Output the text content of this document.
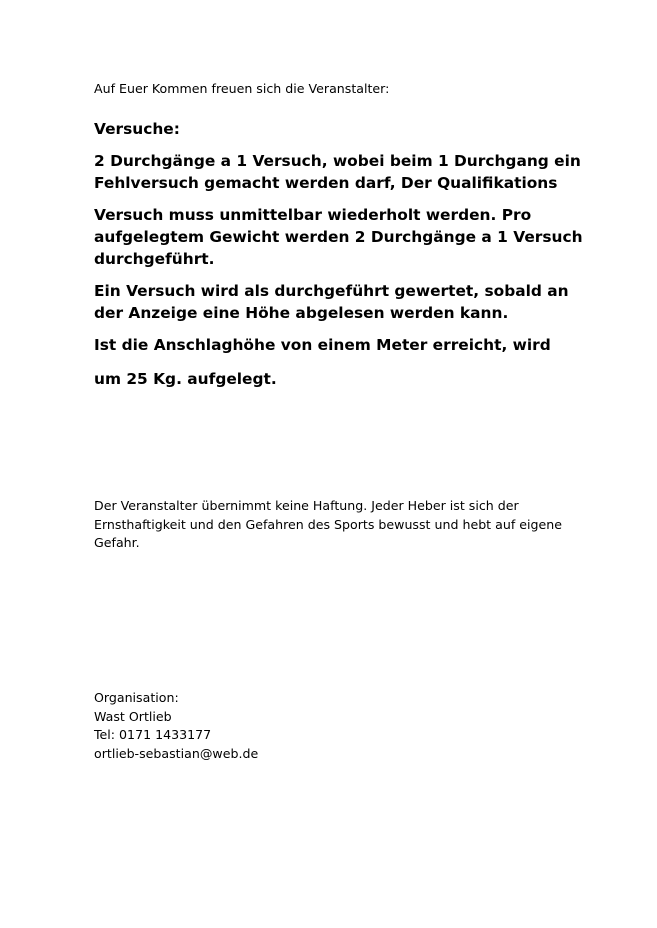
Auf Euer Kommen freuen sich die Veranstalter:
Versuche:
2 Durchgänge a 1 Versuch, wobei beim 1 Durchgang ein
Fehlversuch gemacht werden darf, Der Qualifikations
Versuch muss unmittelbar wiederholt werden. Pro
aufgelegtem Gewicht werden 2 Durchgänge a 1 Versuch
durchgeführt.
Ein Versuch wird als durchgeführt gewertet, sobald an
der Anzeige eine Höhe abgelesen werden kann.
Ist die Anschlaghöhe von einem Meter erreicht, wird
um 25 Kg. aufgelegt.
Der Veranstalter übernimmt keine Haftung. Jeder Heber ist sich der
Ernsthaftigkeit und den Gefahren des Sports bewusst und hebt auf eigene
Gefahr.
Organisation:
Wast Ortlieb
Tel: 0171 1433177
ortlieb-sebastian@web.de
